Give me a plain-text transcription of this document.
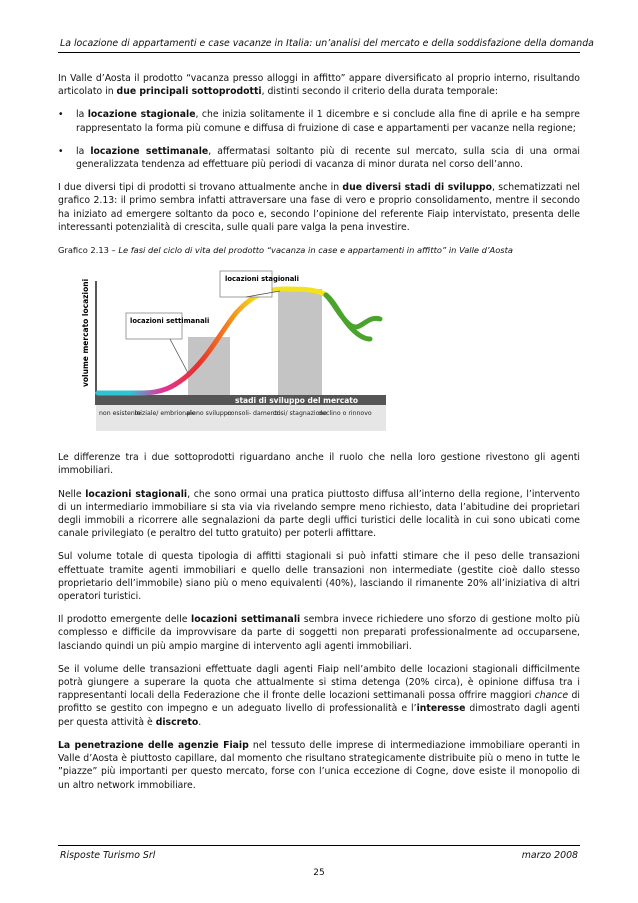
La locazione di appartamenti e case vacanze in Italia: un’analisi del mercato e della soddisfazione della domanda

In Valle d’Aosta il prodotto “vacanza presso alloggi in affitto” appare diversificato al proprio interno, risultando articolato in due principali sottoprodotti, distinti secondo il criterio della durata temporale:

• la locazione stagionale, che inizia solitamente il 1 dicembre e si conclude alla fine di aprile e ha sempre rappresentato la forma più comune e diffusa di fruizione di case e appartamenti per vacanze nella regione;
• la locazione settimanale, affermatasi soltanto più di recente sul mercato, sulla scia di una ormai generalizzata tendenza ad effettuare più periodi di vacanza di minor durata nel corso dell’anno.

I due diversi tipi di prodotti si trovano attualmente anche in due diversi stadi di sviluppo, schematizzati nel grafico 2.13: il primo sembra infatti attraversare una fase di vero e proprio consolidamento, mentre il secondo ha iniziato ad emergere soltanto da poco e, secondo l’opinione del referente Fiaip intervistato, presenta delle interessanti potenzialità di crescita, sulle quali pare valga la pena investire.

Grafico 2.13 – Le fasi del ciclo di vita del prodotto “vacanza in case e appartamenti in affitto” in Valle d’Aosta
stadi di sviluppo del mercato
volume mercato locazioni
non esistente
iniziale/ embrionale
pieno sviluppo
consoli- damento
crisi/ stagnazione
declino o rinnovo
locazioni stagionali
locazioni settimanali

Le differenze tra i due sottoprodotti riguardano anche il ruolo che nella loro gestione rivestono gli agenti immobiliari.

Nelle locazioni stagionali, che sono ormai una pratica piuttosto diffusa all’interno della regione, l’intervento di un intermediario immobiliare si sta via via rivelando sempre meno richiesto, data l’abitudine dei proprietari degli immobili a ricorrere alle segnalazioni da parte degli uffici turistici delle località in cui sono ubicati come canale privilegiato (e peraltro del tutto gratuito) per poterli affittare.

Sul volume totale di questa tipologia di affitti stagionali si può infatti stimare che il peso delle transazioni effettuate tramite agenti immobiliari e quello delle transazioni non intermediate (gestite cioè dallo stesso proprietario dell’immobile) siano più o meno equivalenti (40%), lasciando il rimanente 20% all’iniziativa di altri operatori turistici.

Il prodotto emergente delle locazioni settimanali sembra invece richiedere uno sforzo di gestione molto più complesso e difficile da improvvisare da parte di soggetti non preparati professionalmente ad occuparsene, lasciando quindi un più ampio margine di intervento agli agenti immobiliari.

Se il volume delle transazioni effettuate dagli agenti Fiaip nell’ambito delle locazioni stagionali difficilmente potrà giungere a superare la quota che attualmente si stima detenga (20% circa), è opinione diffusa tra i rappresentanti locali della Federazione che il fronte delle locazioni settimanali possa offrire maggiori chance di profitto se gestito con impegno e un adeguato livello di professionalità e l’interesse dimostrato dagli agenti per questa attività è discreto.

La penetrazione delle agenzie Fiaip nel tessuto delle imprese di intermediazione immobiliare operanti in Valle d’Aosta è piuttosto capillare, dal momento che risultano strategicamente distribuite più o meno in tutte le ”piazze” più importanti per questo mercato, forse con l’unica eccezione di Cogne, dove esiste il monopolio di un altro network immobiliare.

Risposte Turismo Srl	marzo 2008
25
